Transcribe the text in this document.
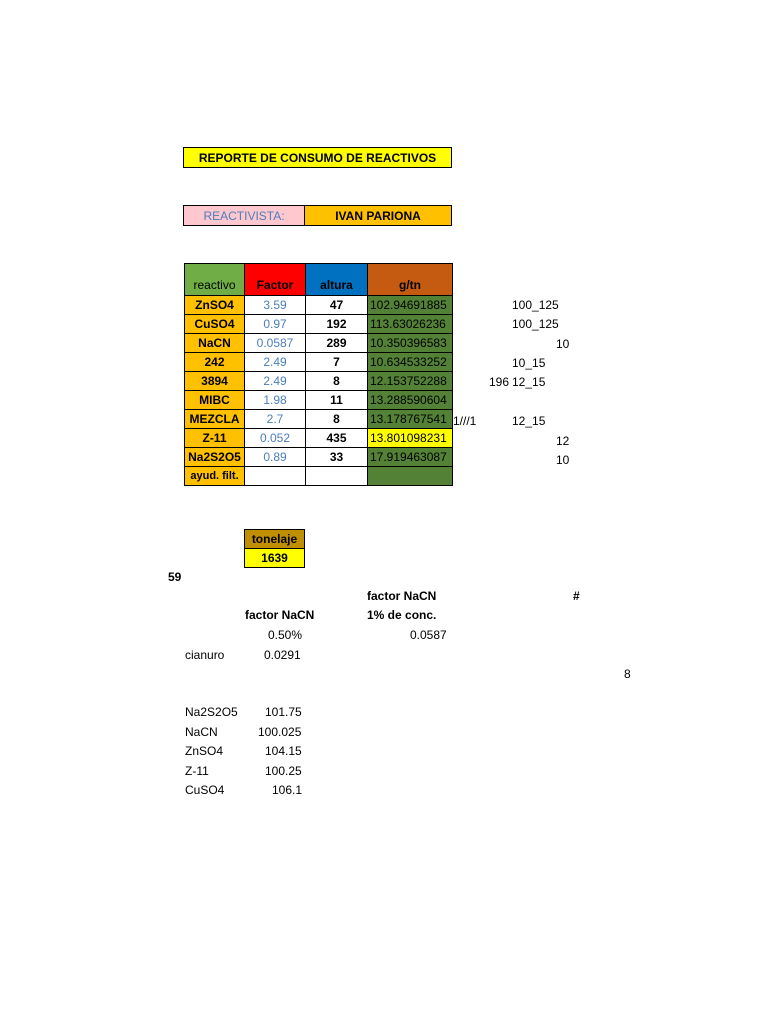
REPORTE DE CONSUMO DE REACTIVOS
REACTIVISTA:	IVAN PARIONA
reactivo	Factor	altura	g/tn
ZnSO4	3.59	47	102.94691885
CuSO4	0.97	192	113.63026236
NaCN	0.0587	289	10.350396583
242	2.49	7	10.634533252
3894	2.49	8	12.153752288
MIBC	1.98	11	13.288590604
MEZCLA	2.7	8	13.178767541
Z-11	0.052	435	13.801098231
Na2S2O5	0.89	33	17.919463087
ayud. filt.			
100_125
100_125
10
10_15
196 12_15
1///1	12_15
12
10
tonelaje
1639
59
factor NaCN	#
factor NaCN	1% de conc.
0.50%	0.0587
cianuro	0.0291
8
Na2S2O5 101.75
NaCN	100.025
ZnSO4	104.15
Z-11	100.25
CuSO4	106.1
